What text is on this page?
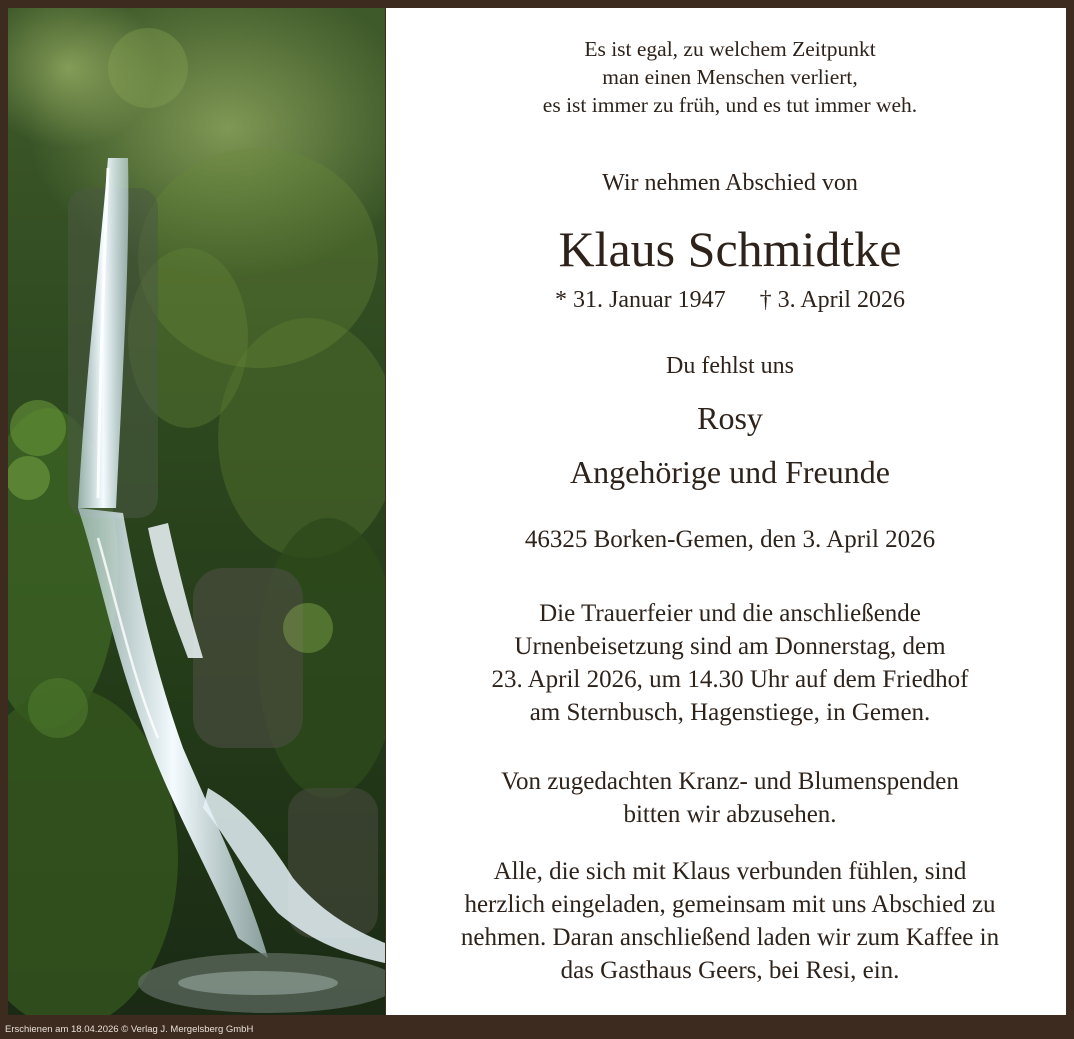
Es ist egal, zu welchem Zeitpunkt
man einen Menschen verliert,
es ist immer zu früh, und es tut immer weh.
Wir nehmen Abschied von
Klaus Schmidtke
* 31. Januar 1947 † 3. April 2026
Du fehlst uns
Rosy
Angehörige und Freunde
46325 Borken-Gemen, den 3. April 2026
Die Trauerfeier und die anschließende
Urnenbeisetzung sind am Donnerstag, dem
23. April 2026, um 14.30 Uhr auf dem Friedhof
am Sternbusch, Hagenstiege, in Gemen.
Von zugedachten Kranz- und Blumenspenden
bitten wir abzusehen.
Alle, die sich mit Klaus verbunden fühlen, sind
herzlich eingeladen, gemeinsam mit uns Abschied zu
nehmen. Daran anschließend laden wir zum Kaffee in
das Gasthaus Geers, bei Resi, ein.
Erschienen am 18.04.2026 © Verlag J. Mergelsberg GmbH
